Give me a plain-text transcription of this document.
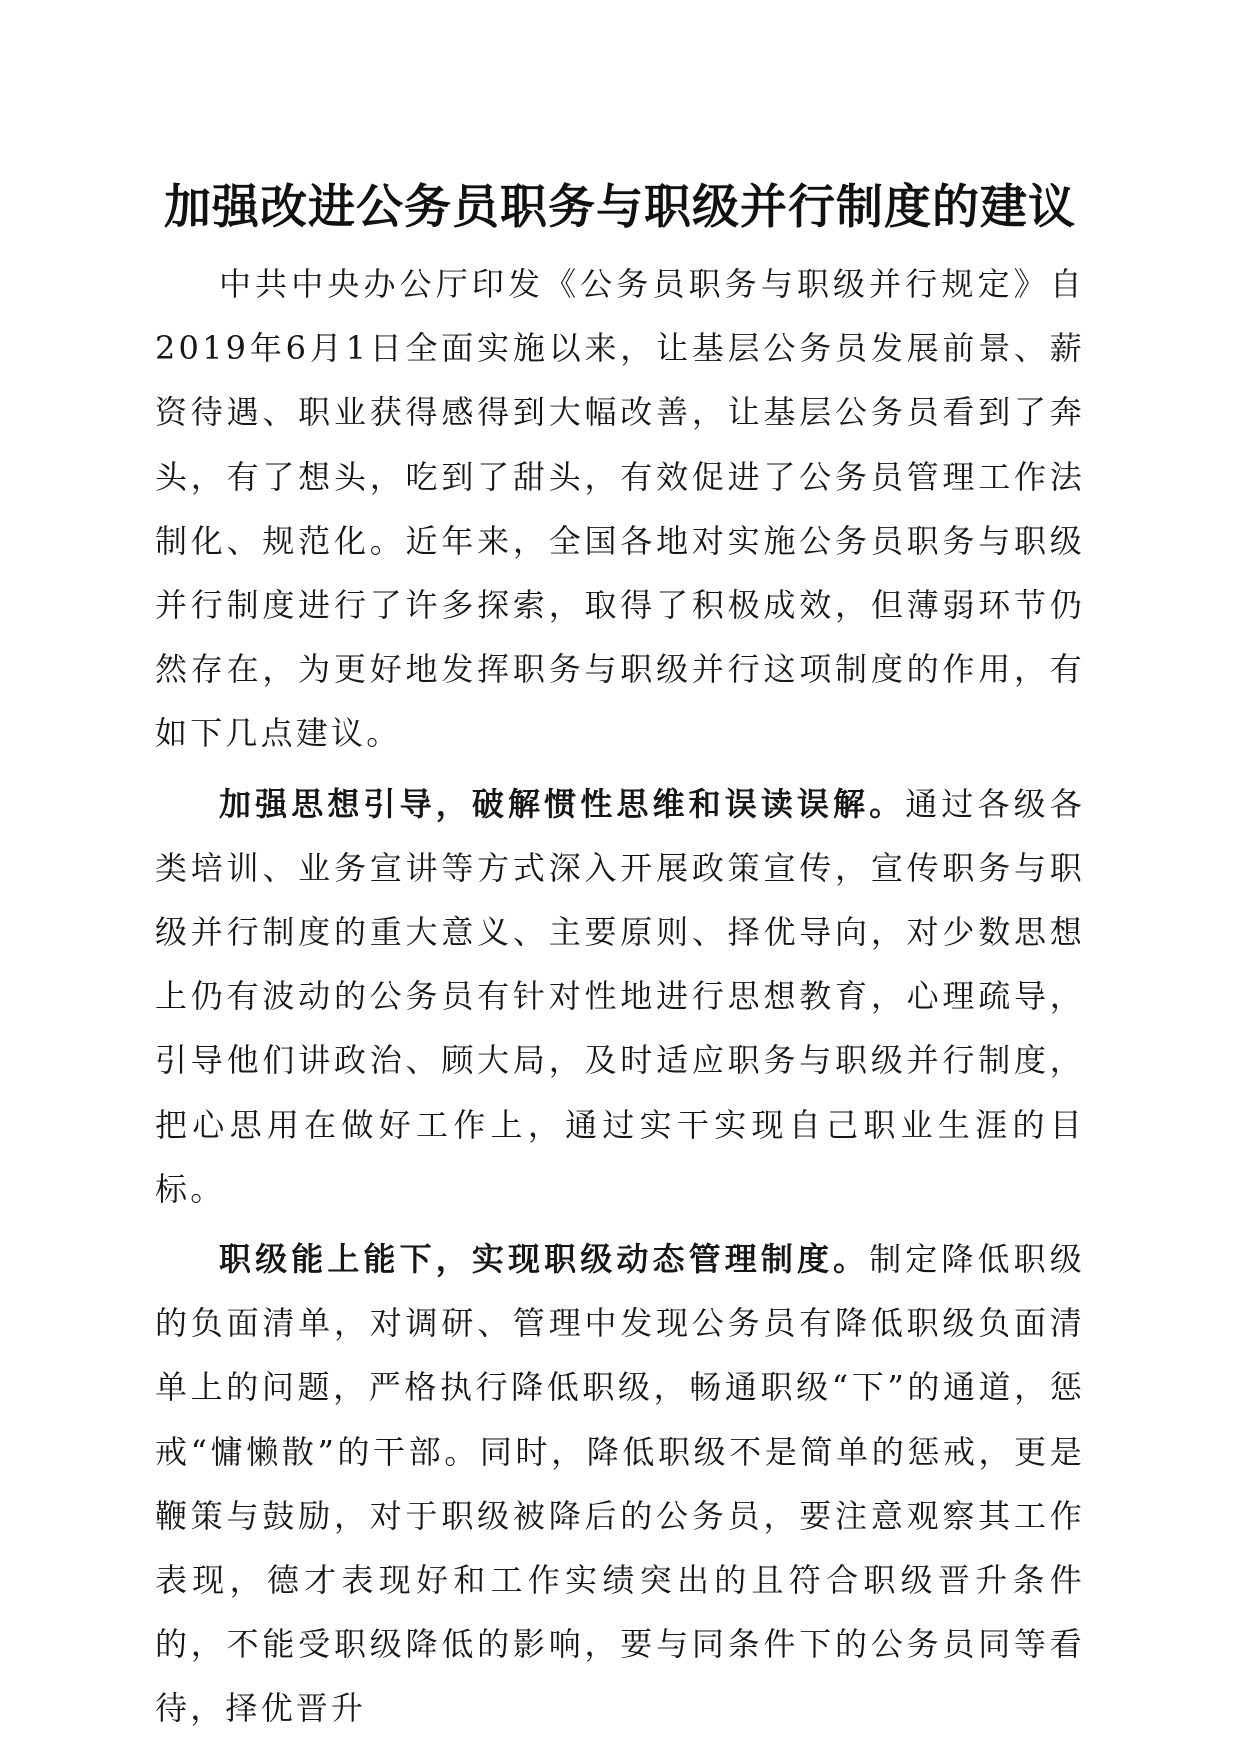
加强改进公务员职务与职级并行制度的建议

中共中央办公厅印发《公务员职务与职级并行规定》自2019年6月1日全面实施以来，让基层公务员发展前景、薪资待遇、职业获得感得到大幅改善，让基层公务员看到了奔头，有了想头，吃到了甜头，有效促进了公务员管理工作法制化、规范化。近年来，全国各地对实施公务员职务与职级并行制度进行了许多探索，取得了积极成效，但薄弱环节仍然存在，为更好地发挥职务与职级并行这项制度的作用，有如下几点建议。

加强思想引导，破解惯性思维和误读误解。通过各级各类培训、业务宣讲等方式深入开展政策宣传，宣传职务与职级并行制度的重大意义、主要原则、择优导向，对少数思想上仍有波动的公务员有针对性地进行思想教育，心理疏导，引导他们讲政治、顾大局，及时适应职务与职级并行制度，把心思用在做好工作上，通过实干实现自己职业生涯的目标。

职级能上能下，实现职级动态管理制度。制定降低职级的负面清单，对调研、管理中发现公务员有降低职级负面清单上的问题，严格执行降低职级，畅通职级“下”的通道，惩戒“慵懒散”的干部。同时，降低职级不是简单的惩戒，更是鞭策与鼓励，对于职级被降后的公务员，要注意观察其工作表现，德才表现好和工作实绩突出的且符合职级晋升条件的，不能受职级降低的影响，要与同条件下的公务员同等看待，择优晋升
